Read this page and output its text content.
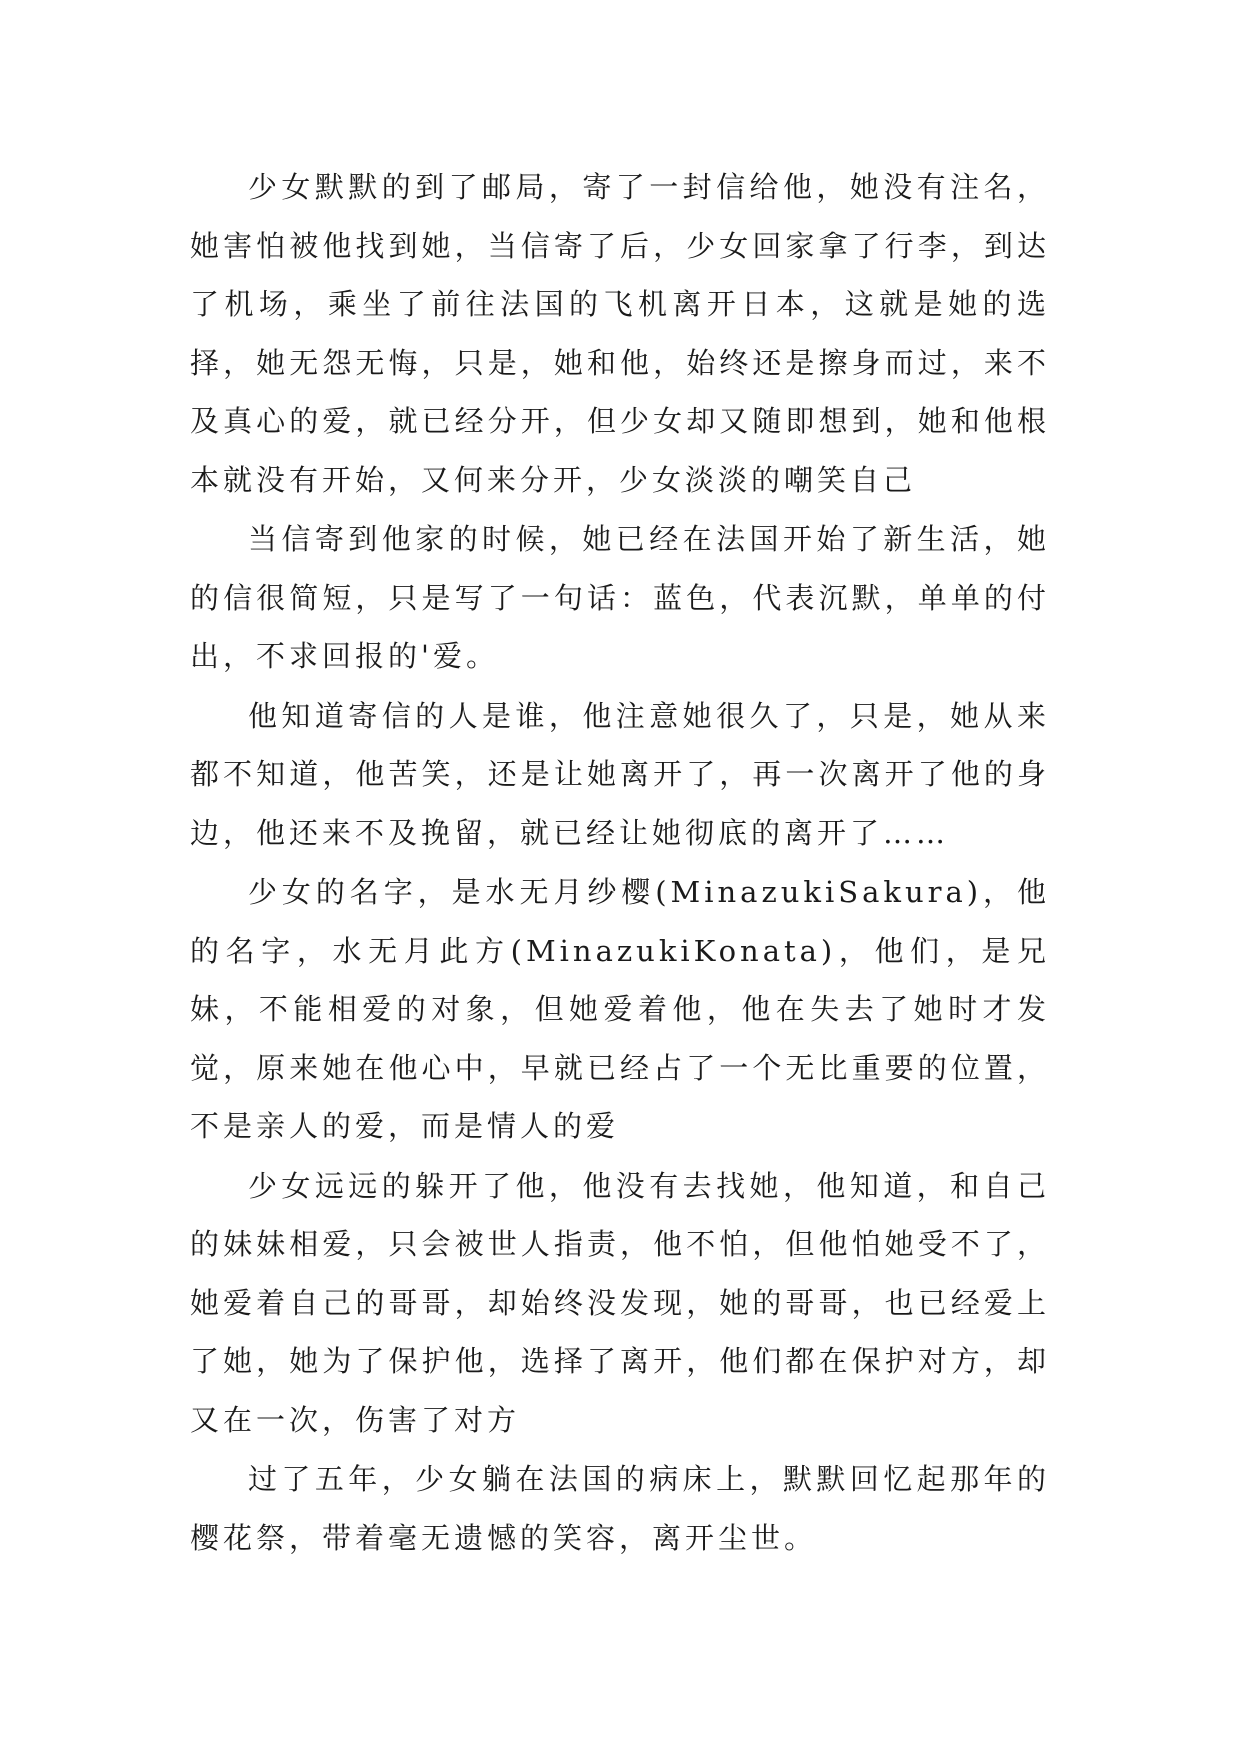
少女默默的到了邮局，寄了一封信给他，她没有注名，她害怕被他找到她，当信寄了后，少女回家拿了行李，到达了机场，乘坐了前往法国的飞机离开日本，这就是她的选择，她无怨无悔，只是，她和他，始终还是擦身而过，来不及真心的爱，就已经分开，但少女却又随即想到，她和他根本就没有开始，又何来分开，少女淡淡的嘲笑自己

当信寄到他家的时候，她已经在法国开始了新生活，她的信很简短，只是写了一句话：蓝色，代表沉默，单单的付出，不求回报的'爱。

他知道寄信的人是谁，他注意她很久了，只是，她从来都不知道，他苦笑，还是让她离开了，再一次离开了他的身边，他还来不及挽留，就已经让她彻底的离开了……

少女的名字，是水无月纱樱(MinazukiSakura)，他的名字，水无月此方(MinazukiKonata)，他们，是兄妹，不能相爱的对象，但她爱着他，他在失去了她时才发觉，原来她在他心中，早就已经占了一个无比重要的位置，不是亲人的爱，而是情人的爱

少女远远的躲开了他，他没有去找她，他知道，和自己的妹妹相爱，只会被世人指责，他不怕，但他怕她受不了，她爱着自己的哥哥，却始终没发现，她的哥哥，也已经爱上了她，她为了保护他，选择了离开，他们都在保护对方，却又在一次，伤害了对方

过了五年，少女躺在法国的病床上，默默回忆起那年的樱花祭，带着毫无遗憾的笑容，离开尘世。
